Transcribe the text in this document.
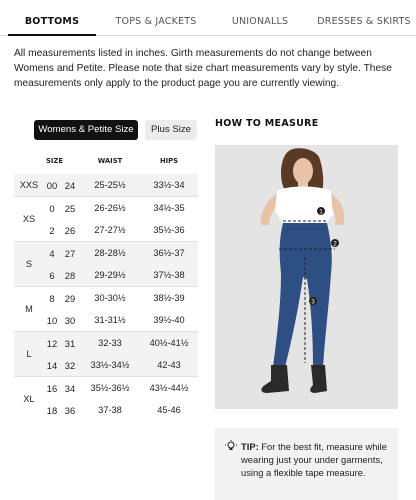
BOTTOMS	TOPS & JACKETS	UNIONALLS	DRESSES & SKIRTS

All measurements listed in inches. Girth measurements do not change between Womens and Petite. Please note that size chart measurements vary by style. These measurements only apply to the product page you are currently viewing.

Womens & Petite Size	Plus Size
SIZE	WAIST	HIPS
XXS 00 24	25-25½	33½-34
XS
0	25	26-26½	34½-35
2	26	27-27½	35½-36
S
4	27	28-28½	36½-37
6	28	29-29½	37½-38
M
8	29	30-30½	38½-39
10 30	31-31½	39½-40
L
12 31	32-33	40½-41½
14 32	33½-34½	42-43
XL
16 34	35½-36½	43½-44½
18 36	37-38	45-46
HOW TO MEASURE
1
2
3
TIP: For the best fit, measure while wearing just your under garments, using a flexible tape measure.
